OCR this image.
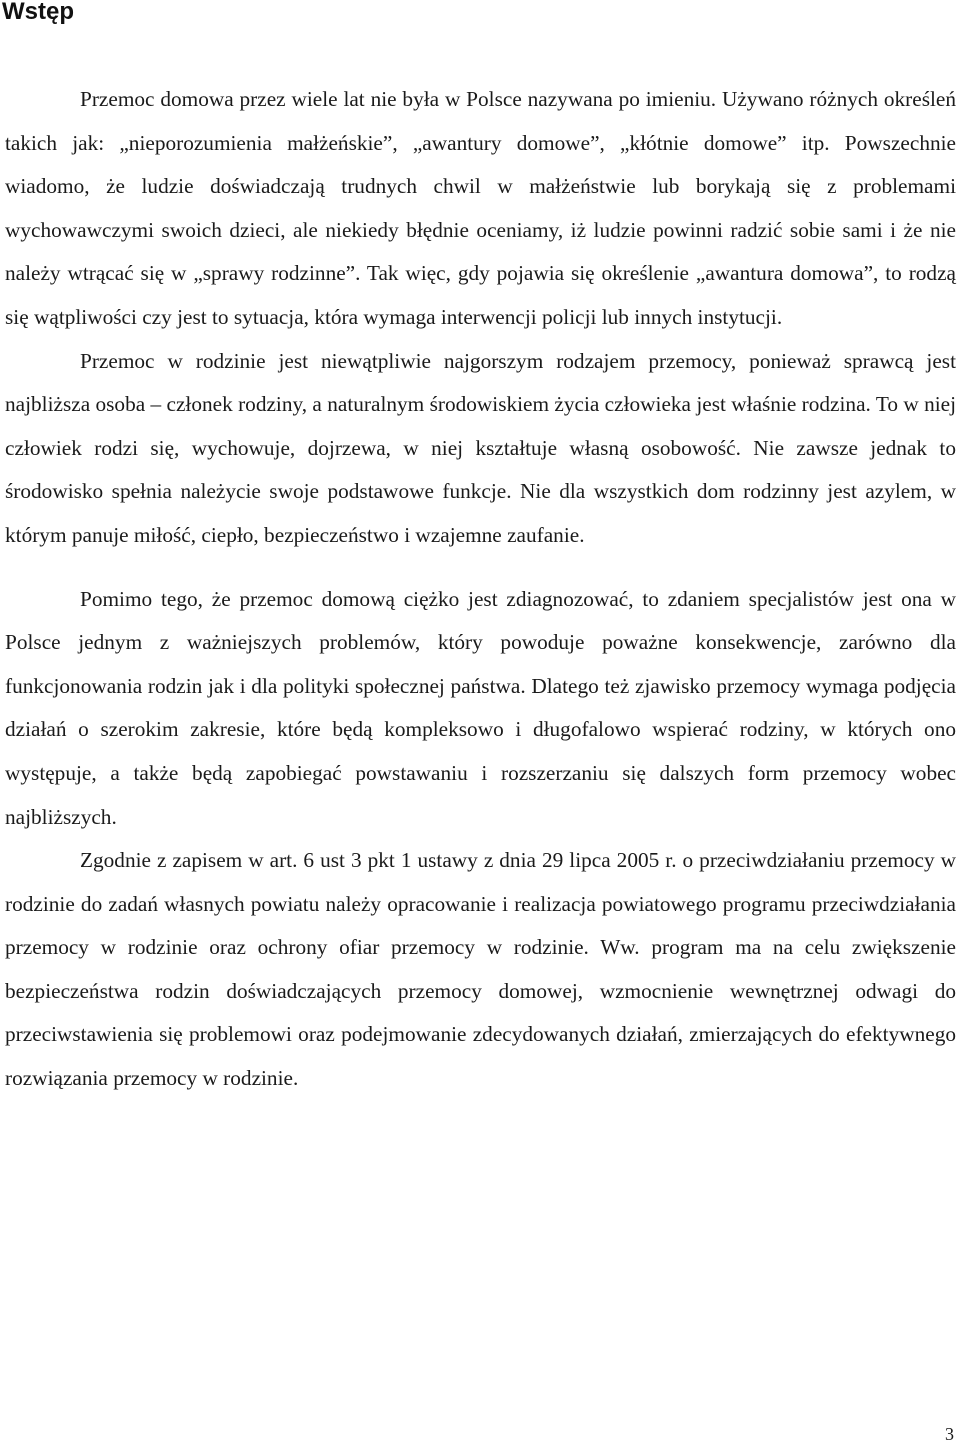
Wstęp

Przemoc domowa przez wiele lat nie była w Polsce nazywana po imieniu. Używano różnych określeń takich jak: „nieporozumienia małżeńskie”, „awantury domowe”, „kłótnie domowe” itp. Powszechnie wiadomo, że ludzie doświadczają trudnych chwil w małżeństwie lub borykają się z problemami wychowawczymi swoich dzieci, ale niekiedy błędnie oceniamy, iż ludzie powinni radzić sobie sami i że nie należy wtrącać się w „sprawy rodzinne”. Tak więc, gdy pojawia się określenie „awantura domowa”, to rodzą się wątpliwości czy jest to sytuacja, która wymaga interwencji policji lub innych instytucji.

Przemoc w rodzinie jest niewątpliwie najgorszym rodzajem przemocy, ponieważ sprawcą jest najbliższa osoba – członek rodziny, a naturalnym środowiskiem życia człowieka jest właśnie rodzina. To w niej człowiek rodzi się, wychowuje, dojrzewa, w niej kształtuje własną osobowość. Nie zawsze jednak to środowisko spełnia należycie swoje podstawowe funkcje. Nie dla wszystkich dom rodzinny jest azylem, w którym panuje miłość, ciepło, bezpieczeństwo i wzajemne zaufanie.

Pomimo tego, że przemoc domową ciężko jest zdiagnozować, to zdaniem specjalistów jest ona w Polsce jednym z ważniejszych problemów, który powoduje poważne konsekwencje, zarówno dla funkcjonowania rodzin jak i dla polityki społecznej państwa. Dlatego też zjawisko przemocy wymaga podjęcia działań o szerokim zakresie, które będą kompleksowo i długofalowo wspierać rodziny, w których ono występuje, a także będą zapobiegać powstawaniu i rozszerzaniu się dalszych form przemocy wobec najbliższych.

Zgodnie z zapisem w art. 6 ust 3 pkt 1 ustawy z dnia 29 lipca 2005 r. o przeciwdziałaniu przemocy w rodzinie do zadań własnych powiatu należy opracowanie i realizacja powiatowego programu przeciwdziałania przemocy w rodzinie oraz ochrony ofiar przemocy w rodzinie. Ww. program ma na celu zwiększenie bezpieczeństwa rodzin doświadczających przemocy domowej, wzmocnienie wewnętrznej odwagi do przeciwstawienia się problemowi oraz podejmowanie zdecydowanych działań, zmierzających do efektywnego rozwiązania przemocy w rodzinie.

3
